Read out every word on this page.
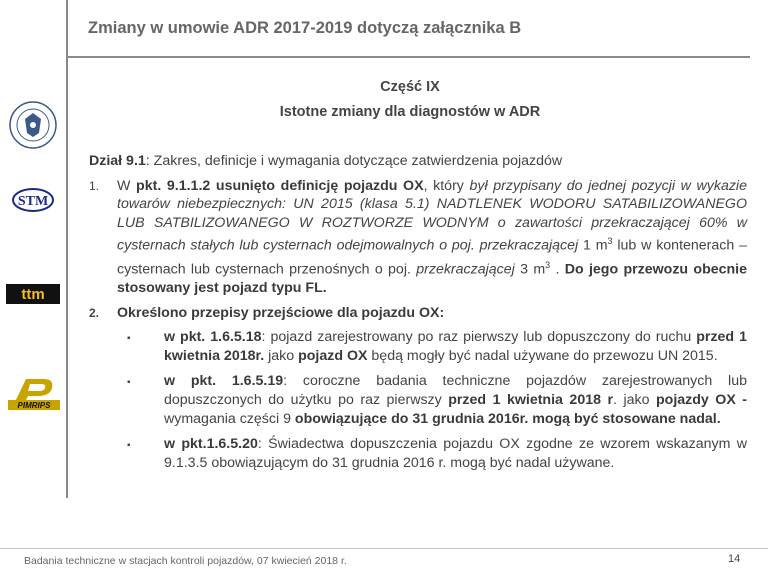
Zmiany w umowie ADR 2017-2019 dotyczą załącznika B
STM
ttm
PIMRIPS
Część IX
Istotne zmiany dla diagnostów w ADR

Dział 9.1: Zakres, definicje i wymagania dotyczące zatwierdzenia pojazdów

1. W pkt. 9.1.1.2 usunięto definicję pojazdu OX, który był przypisany do jednej pozycji w wykazie towarów niebezpiecznych: UN 2015 (klasa 5.1) NADTLENEK WODORU SATABILIZOWANEGO LUB SATBILIZOWANEGO W ROZTWORZE WODNYM o zawartości przekraczającej 60% w cysternach stałych lub cysternach odejmowalnych o poj. przekraczającej 1 $m^3$ lub w kontenerach – cysternach lub cysternach przenośnych o poj. przekraczającej 3 $m^3$ . Do jego przewozu obecnie stosowany jest pojazd typu FL.
2. Określono przepisy przejściowe dla pojazdu OX:
▪ w pkt. 1.6.5.18: pojazd zarejestrowany po raz pierwszy lub dopuszczony do ruchu przed 1 kwietnia 2018r. jako pojazd OX będą mogły być nadal używane do przewozu UN 2015.
▪ w pkt. 1.6.5.19: coroczne badania techniczne pojazdów zarejestrowanych lub dopuszczonych do użytku po raz pierwszy przed 1 kwietnia 2018 r. jako pojazdy OX - wymagania części 9 obowiązujące do 31 grudnia 2016r. mogą być stosowane nadal.
▪ w pkt.1.6.5.20: Świadectwa dopuszczenia pojazdu OX zgodne ze wzorem wskazanym w 9.1.3.5 obowiązującym do 31 grudnia 2016 r. mogą być nadal używane.
Badania techniczne w stacjach kontroli pojazdów, 07 kwiecień 2018 r.	14
